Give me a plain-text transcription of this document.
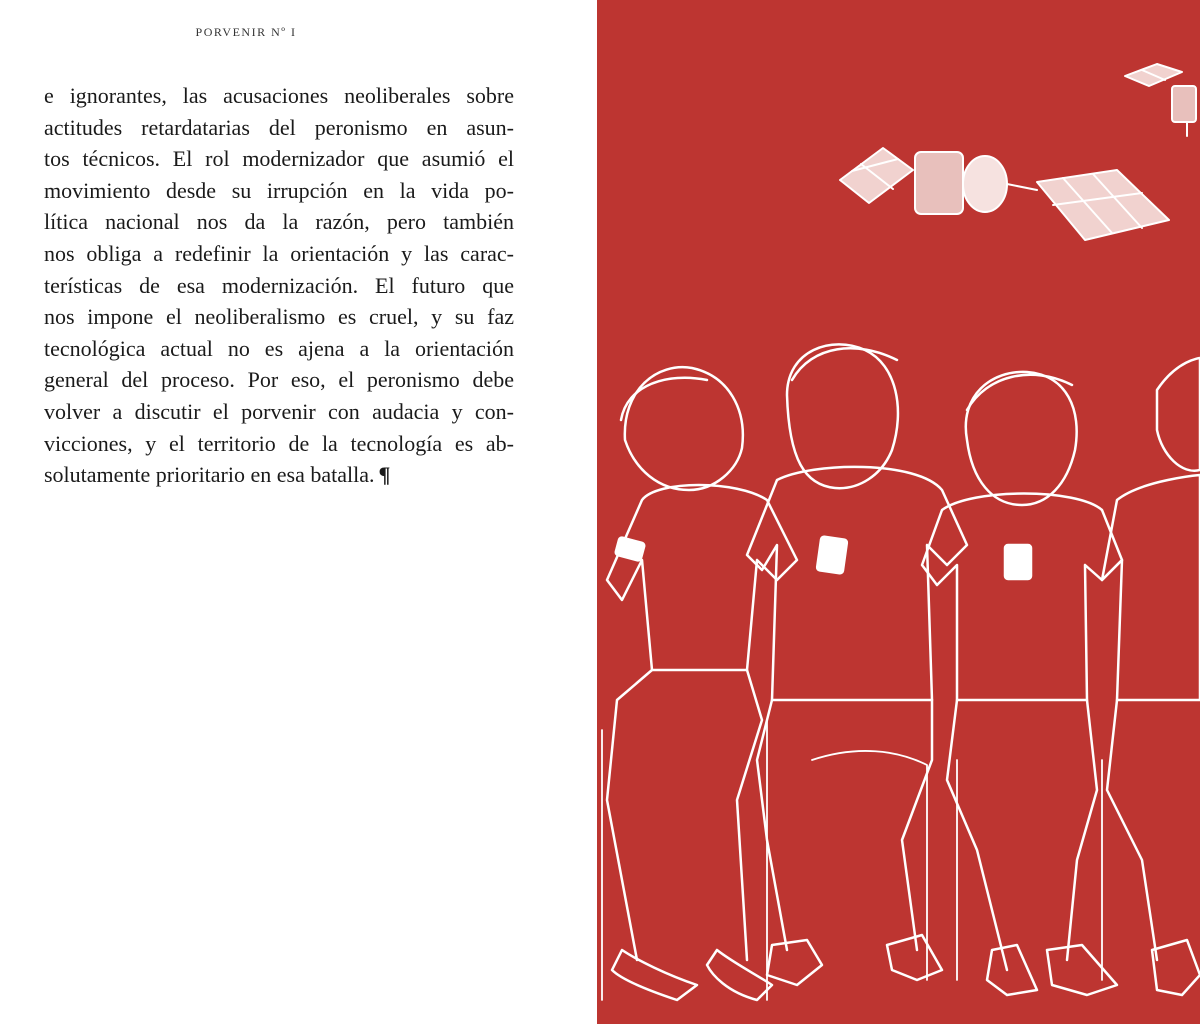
PORVENIR Nº I
e ignorantes, las acusaciones neoliberales sobre
actitudes retardatarias del peronismo en asun-
tos técnicos. El rol modernizador que asumió el
movimiento desde su irrupción en la vida po-
lítica nacional nos da la razón, pero también
nos obliga a redefinir la orientación y las carac-
terísticas de esa modernización. El futuro que
nos impone el neoliberalismo es cruel, y su faz
tecnológica actual no es ajena a la orientación
general del proceso. Por eso, el peronismo debe
volver a discutir el porvenir con audacia y con-
vicciones, y el territorio de la tecnología es ab-
solutamente prioritario en esa batalla. ¶
